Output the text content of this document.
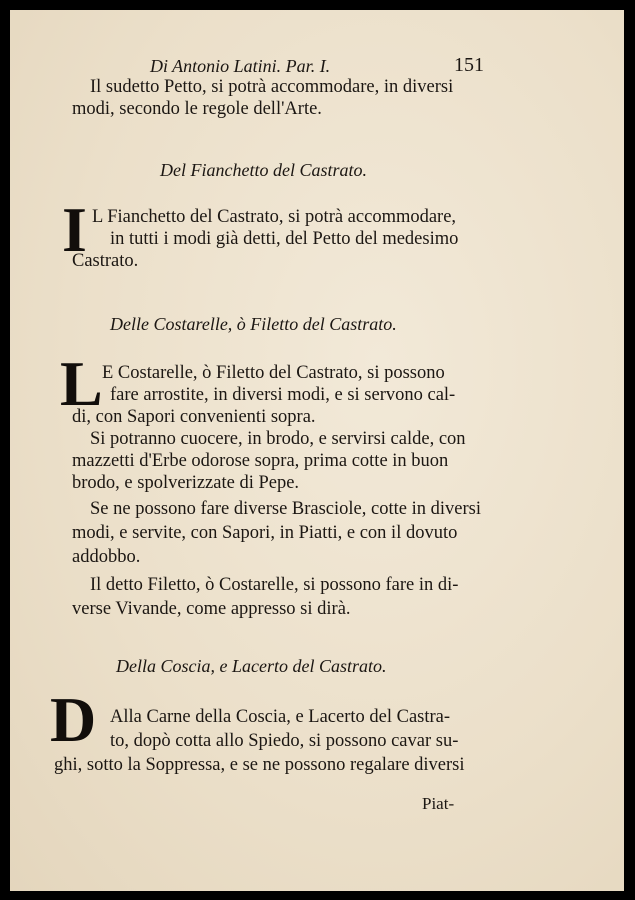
Di Antonio Latini. Par. I.	151
Il sudetto Petto, si potrà accommodare, in diversi
modi, secondo le regole dell'Arte.
Del Fianchetto del Castrato.
I L Fianchetto del Castrato, si potrà accommodare,
in tutti i modi già detti, del Petto del medesimo
Castrato.
Delle Costarelle, ò Filetto del Castrato.
L E Costarelle, ò Filetto del Castrato, si possono
fare arrostite, in diversi modi, e si servono cal-
di, con Sapori convenienti sopra.
Si potranno cuocere, in brodo, e servirsi calde, con
mazzetti d'Erbe odorose sopra, prima cotte in buon
brodo, e spolverizzate di Pepe.
Se ne possono fare diverse Brasciole, cotte in diversi
modi, e servite, con Sapori, in Piatti, e con il dovuto
addobbo.
Il detto Filetto, ò Costarelle, si possono fare in di-
verse Vivande, come appresso si dirà.
Della Coscia, e Lacerto del Castrato.
D Alla Carne della Coscia, e Lacerto del Castra-
to, dopò cotta allo Spiedo, si possono cavar su-
ghi, sotto la Soppressa, e se ne possono regalare diversi
Piat-
